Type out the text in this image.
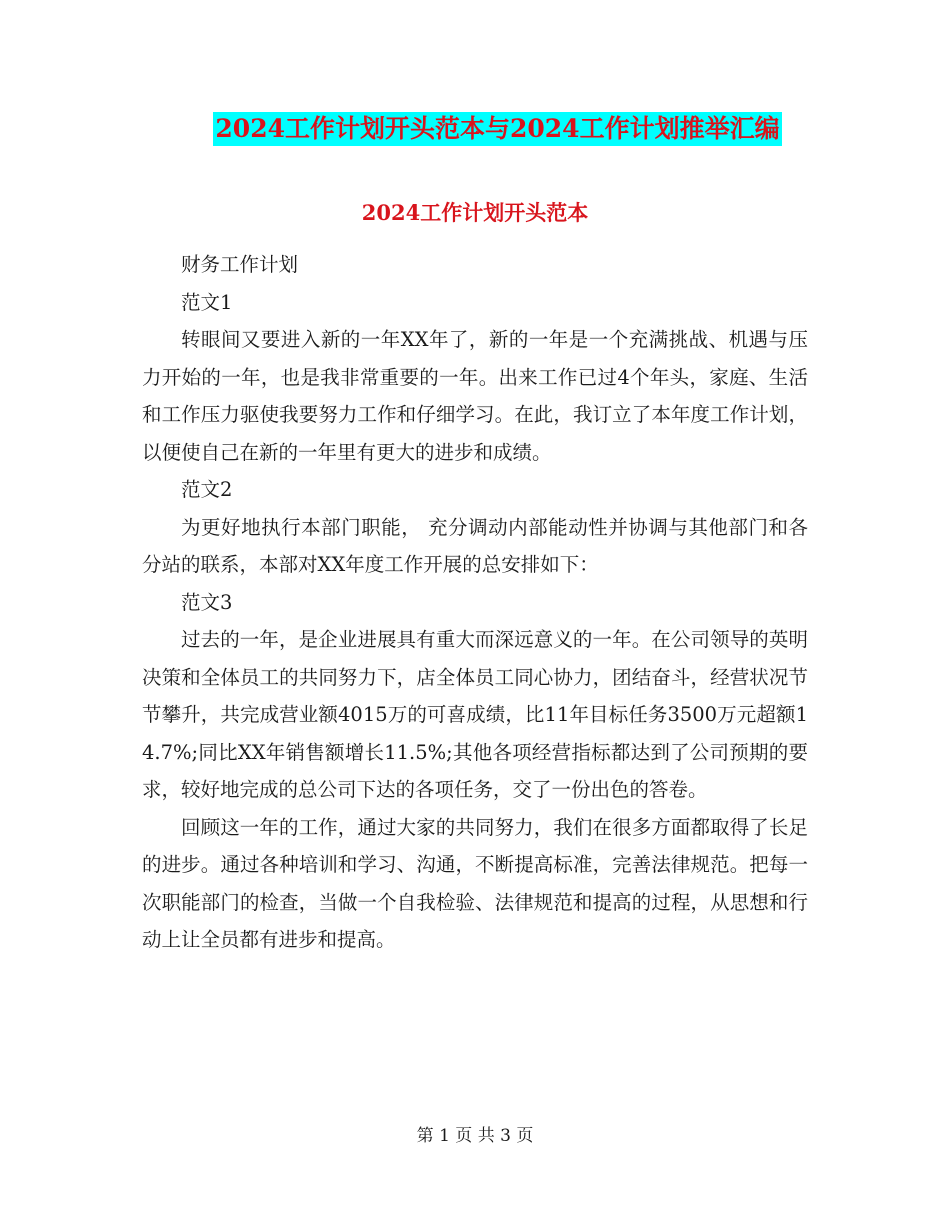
2024工作计划开头范本与2024工作计划推举汇编
2024工作计划开头范本

财务工作计划

范文1

转眼间又要进入新的一年XX年了，新的一年是一个充满挑战、机遇与压力开始的一年，也是我非常重要的一年。出来工作已过4个年头，家庭、生活和工作压力驱使我要努力工作和仔细学习。在此，我订立了本年度工作计划，以便使自己在新的一年里有更大的进步和成绩。

范文2

为更好地执行本部门职能， 充分调动内部能动性并协调与其他部门和各分站的联系，本部对XX年度工作开展的总安排如下：

范文3

过去的一年，是企业进展具有重大而深远意义的一年。在公司领导的英明决策和全体员工的共同努力下，店全体员工同心协力，团结奋斗，经营状况节节攀升，共完成营业额4015万的可喜成绩，比11年目标任务3500万元超额14.7%;同比XX年销售额增长11.5%;其他各项经营指标都达到了公司预期的要求，较好地完成的总公司下达的各项任务，交了一份出色的答卷。

回顾这一年的工作，通过大家的共同努力，我们在很多方面都取得了长足的进步。通过各种培训和学习、沟通，不断提高标准，完善法律规范。把每一次职能部门的检查，当做一个自我检验、法律规范和提高的过程，从思想和行动上让全员都有进步和提高。

第 1 页 共 3 页
